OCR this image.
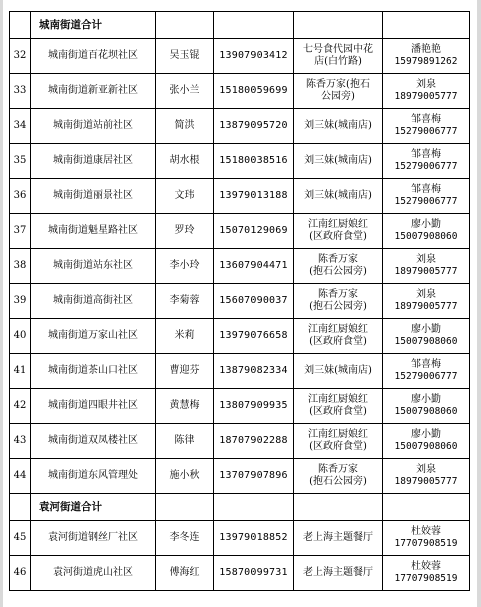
	城南街道合计				
32	城南街道百花坝社区	吴玉锟	13907903412	七号食代园中花
店(白竹路)	潘艳艳
15979891262

33	城南街道新亚新社区	张小兰	15180059699	陈香万家(抱石
公园旁)	刘泉
18979005777

34	城南街道站前社区	简洪	13879095720	刘三妹(城南店)	邹喜梅
15279006777

35	城南街道康居社区	胡水根	15180038516	刘三妹(城南店)	邹喜梅
15279006777

36	城南街道丽景社区	文玮	13979013188	刘三妹(城南店)	邹喜梅
15279006777

37	城南街道魁星路社区	罗玲	15070129069	江南红厨娘红
(区政府食堂)	廖小勤
15007908060

38	城南街道站东社区	李小玲	13607904471	陈香万家
(抱石公园旁)	刘泉
18979005777

39	城南街道高街社区	李菊蓉	15607090037	陈香万家
(抱石公园旁)	刘泉
18979005777

40	城南街道万家山社区	米莉	13979076658	江南红厨娘红
(区政府食堂)	廖小勤
15007908060

41	城南街道茶山口社区	曹迎芬	13879082334	刘三妹(城南店)	邹喜梅
15279006777

42	城南街道四眼井社区	黄慧梅	13807909935	江南红厨娘红
(区政府食堂)	廖小勤
15007908060

43	城南街道双凤楼社区	陈律	18707902288	江南红厨娘红
(区政府食堂)	廖小勤
15007908060

44	城南街道东风管理处	施小秋	13707907896	陈香万家
(抱石公园旁)	刘泉
18979005777

	袁河街道合计				
45	袁河街道钢丝厂社区	李冬连	13979018852	老上海主题餐厅	杜姣蓉
17707908519

46	袁河街道虎山社区	傅海红	15870099731	老上海主题餐厅	杜姣蓉
17707908519
